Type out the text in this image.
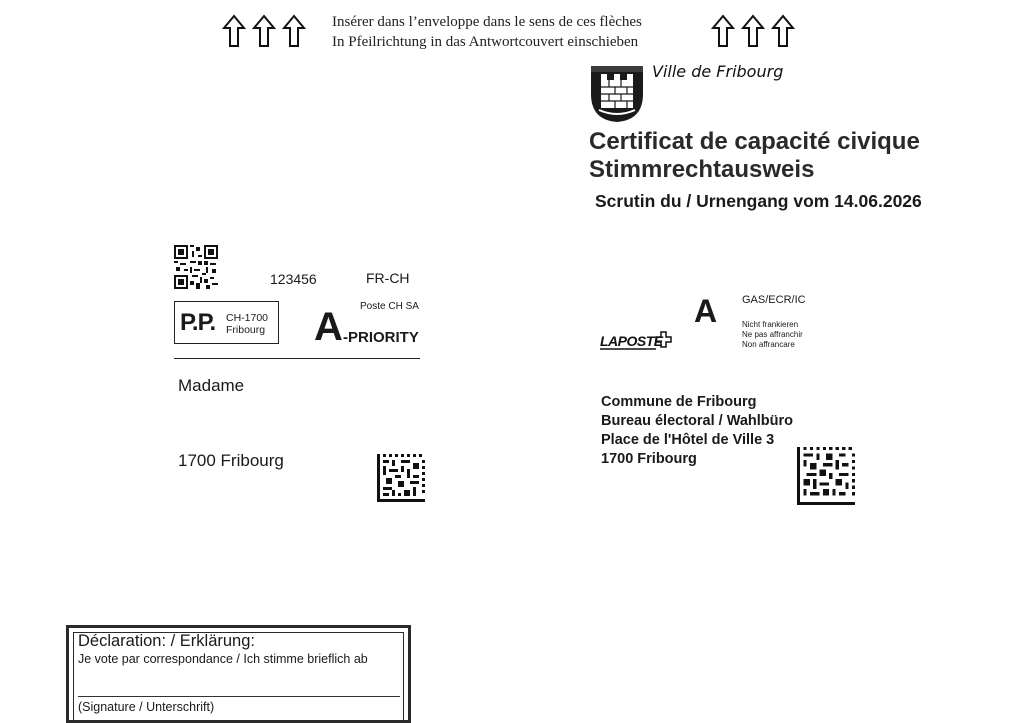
Insérer dans l’enveloppe dans le sens de ces flèches
In Pfeilrichtung in das Antwortcouvert einschieben
Ville de Fribourg
Certificat de capacité civique
Stimmrechtausweis
Scrutin du / Urnengang vom 14.06.2026
123456	FR-CH
Poste CH SA
P.P. CH-1700
Fribourg A -PRIORITY
Madame
1700 Fribourg
LAPOSTE
A GAS/ECR/IC
Nicht frankieren
Ne pas affranchir
Non affrancare
Commune de Fribourg
Bureau électoral / Wahlbüro
Place de l'Hôtel de Ville 3
1700 Fribourg
Déclaration: / Erklärung:
Je vote par correspondance / Ich stimme brieflich ab
(Signature / Unterschrift)
